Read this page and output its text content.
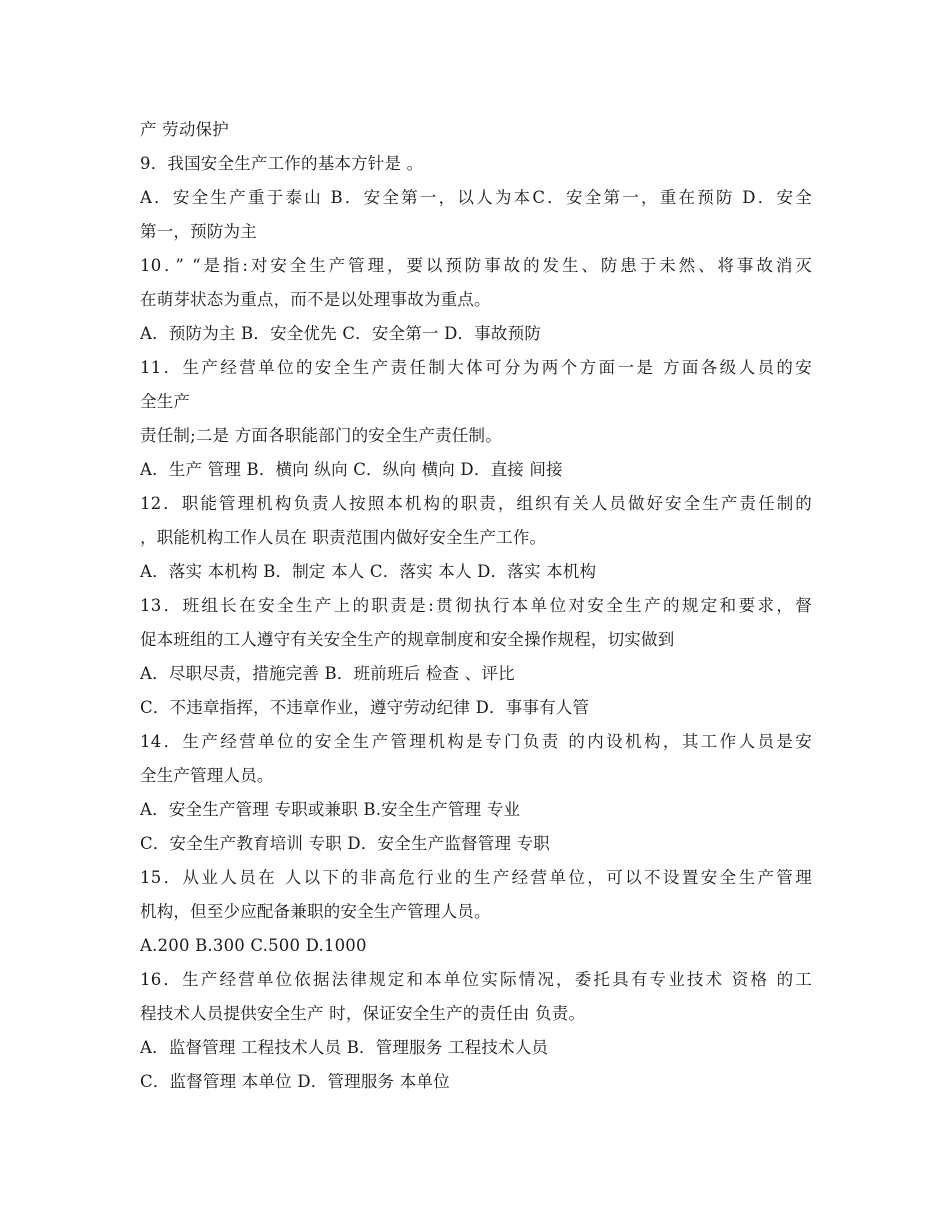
产 劳动保护
9．我国安全生产工作的基本方针是 。
A．安全生产重于泰山 B．安全第一，以人为本C．安全第一，重在预防 D．安全
第一，预防为主
10．” “是指:对安全生产管理，要以预防事故的发生、防患于未然、将事故消灭
在萌芽状态为重点，而不是以处理事故为重点。
A．预防为主 B．安全优先 C．安全第一 D．事故预防
11．生产经营单位的安全生产责任制大体可分为两个方面一是 方面各级人员的安
全生产
责任制;二是 方面各职能部门的安全生产责任制。
A．生产 管理 B．横向 纵向 C．纵向 横向 D．直接 间接
12．职能管理机构负责人按照本机构的职责，组织有关人员做好安全生产责任制的
，职能机构工作人员在 职责范围内做好安全生产工作。
A．落实 本机构 B．制定 本人 C．落实 本人 D．落实 本机构
13．班组长在安全生产上的职责是:贯彻执行本单位对安全生产的规定和要求，督
促本班组的工人遵守有关安全生产的规章制度和安全操作规程，切实做到
A．尽职尽责，措施完善 B．班前班后 检查 、评比
C．不违章指挥，不违章作业，遵守劳动纪律 D．事事有人管
14．生产经营单位的安全生产管理机构是专门负责 的内设机构，其工作人员是安
全生产管理人员。
A．安全生产管理 专职或兼职 B.安全生产管理 专业
C．安全生产教育培训 专职 D．安全生产监督管理 专职
15．从业人员在 人以下的非高危行业的生产经营单位，可以不设置安全生产管理
机构，但至少应配备兼职的安全生产管理人员。
A.200 B.300 C.500 D.1000
16．生产经营单位依据法律规定和本单位实际情况，委托具有专业技术 资格 的工
程技术人员提供安全生产 时，保证安全生产的责任由 负责。
A．监督管理 工程技术人员 B．管理服务 工程技术人员
C．监督管理 本单位 D．管理服务 本单位
